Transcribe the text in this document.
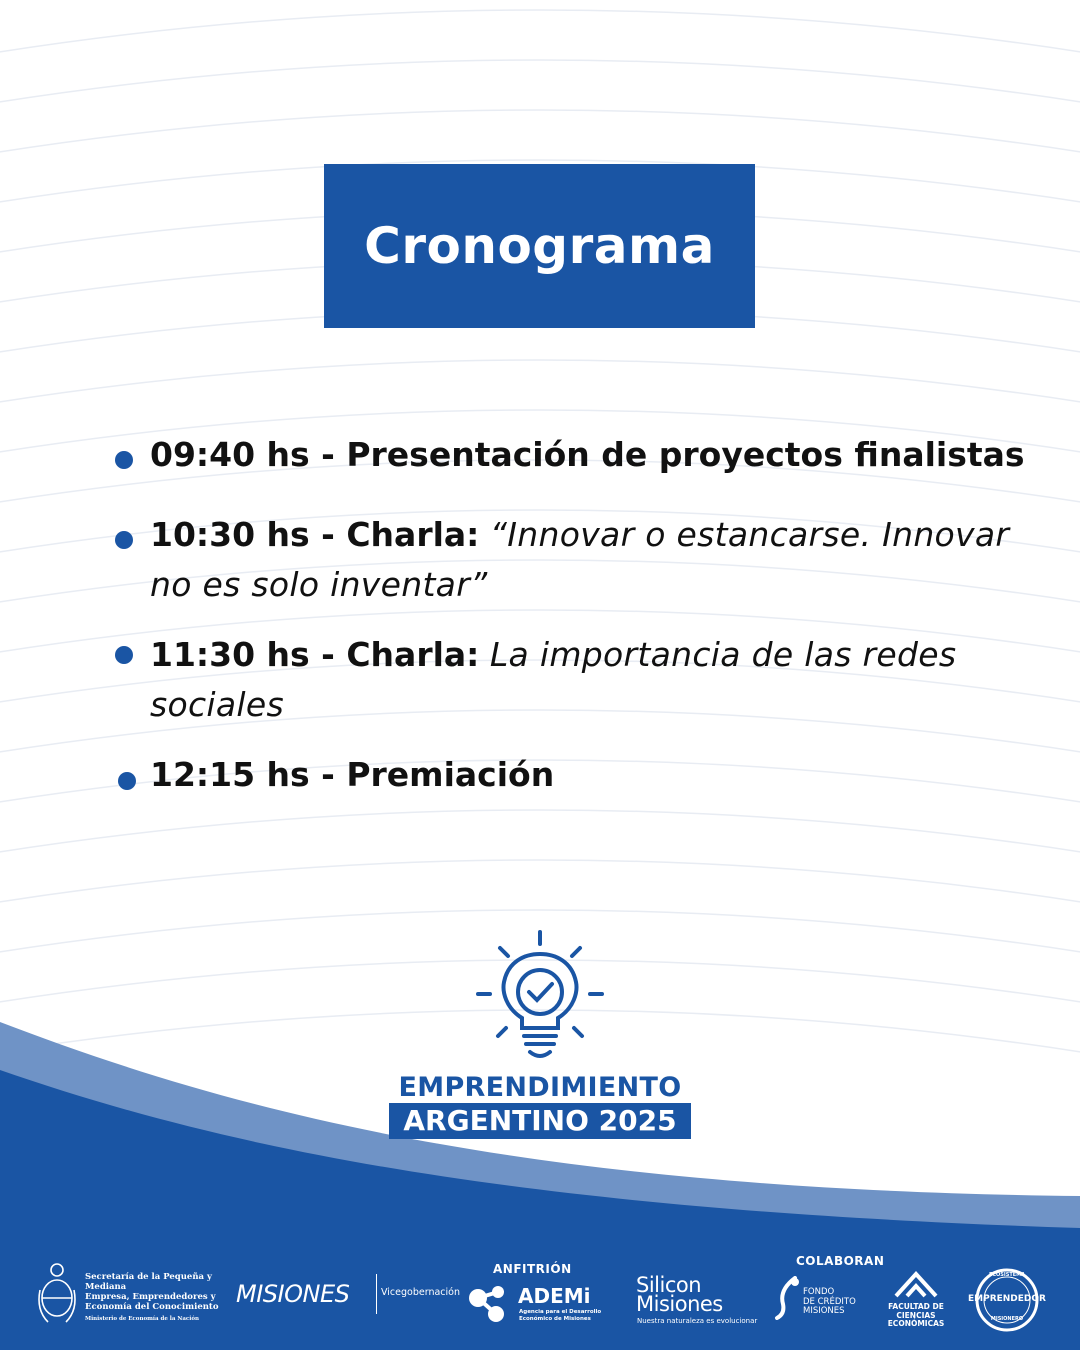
Cronograma
09:40 hs - Presentación de proyectos finalistas
10:30 hs - Charla: “Innovar o estancarse. Innovar no es solo inventar”
11:30 hs - Charla: La importancia de las redes sociales
12:15 hs - Premiación
EMPRENDIMIENTO
ARGENTINO 2025
Secretaría de la Pequeña y Mediana
Empresa, Emprendedores y
Economía del Conocimiento
Ministerio de Economía de la Nación
MISIONES	Vicegobernación
ANFITRIÓN
ADEMi
Agencia para el Desarrollo
Económico de Misiones
Silicon
Misiones
Nuestra naturaleza es evolucionar
COLABORAN
FONDO
DE CRÉDITO
MISIONES	FACULTAD DE
CIENCIAS
ECONÓMICAS
ECOSISTEMA
EMPRENDEDOR
MISIONERO
